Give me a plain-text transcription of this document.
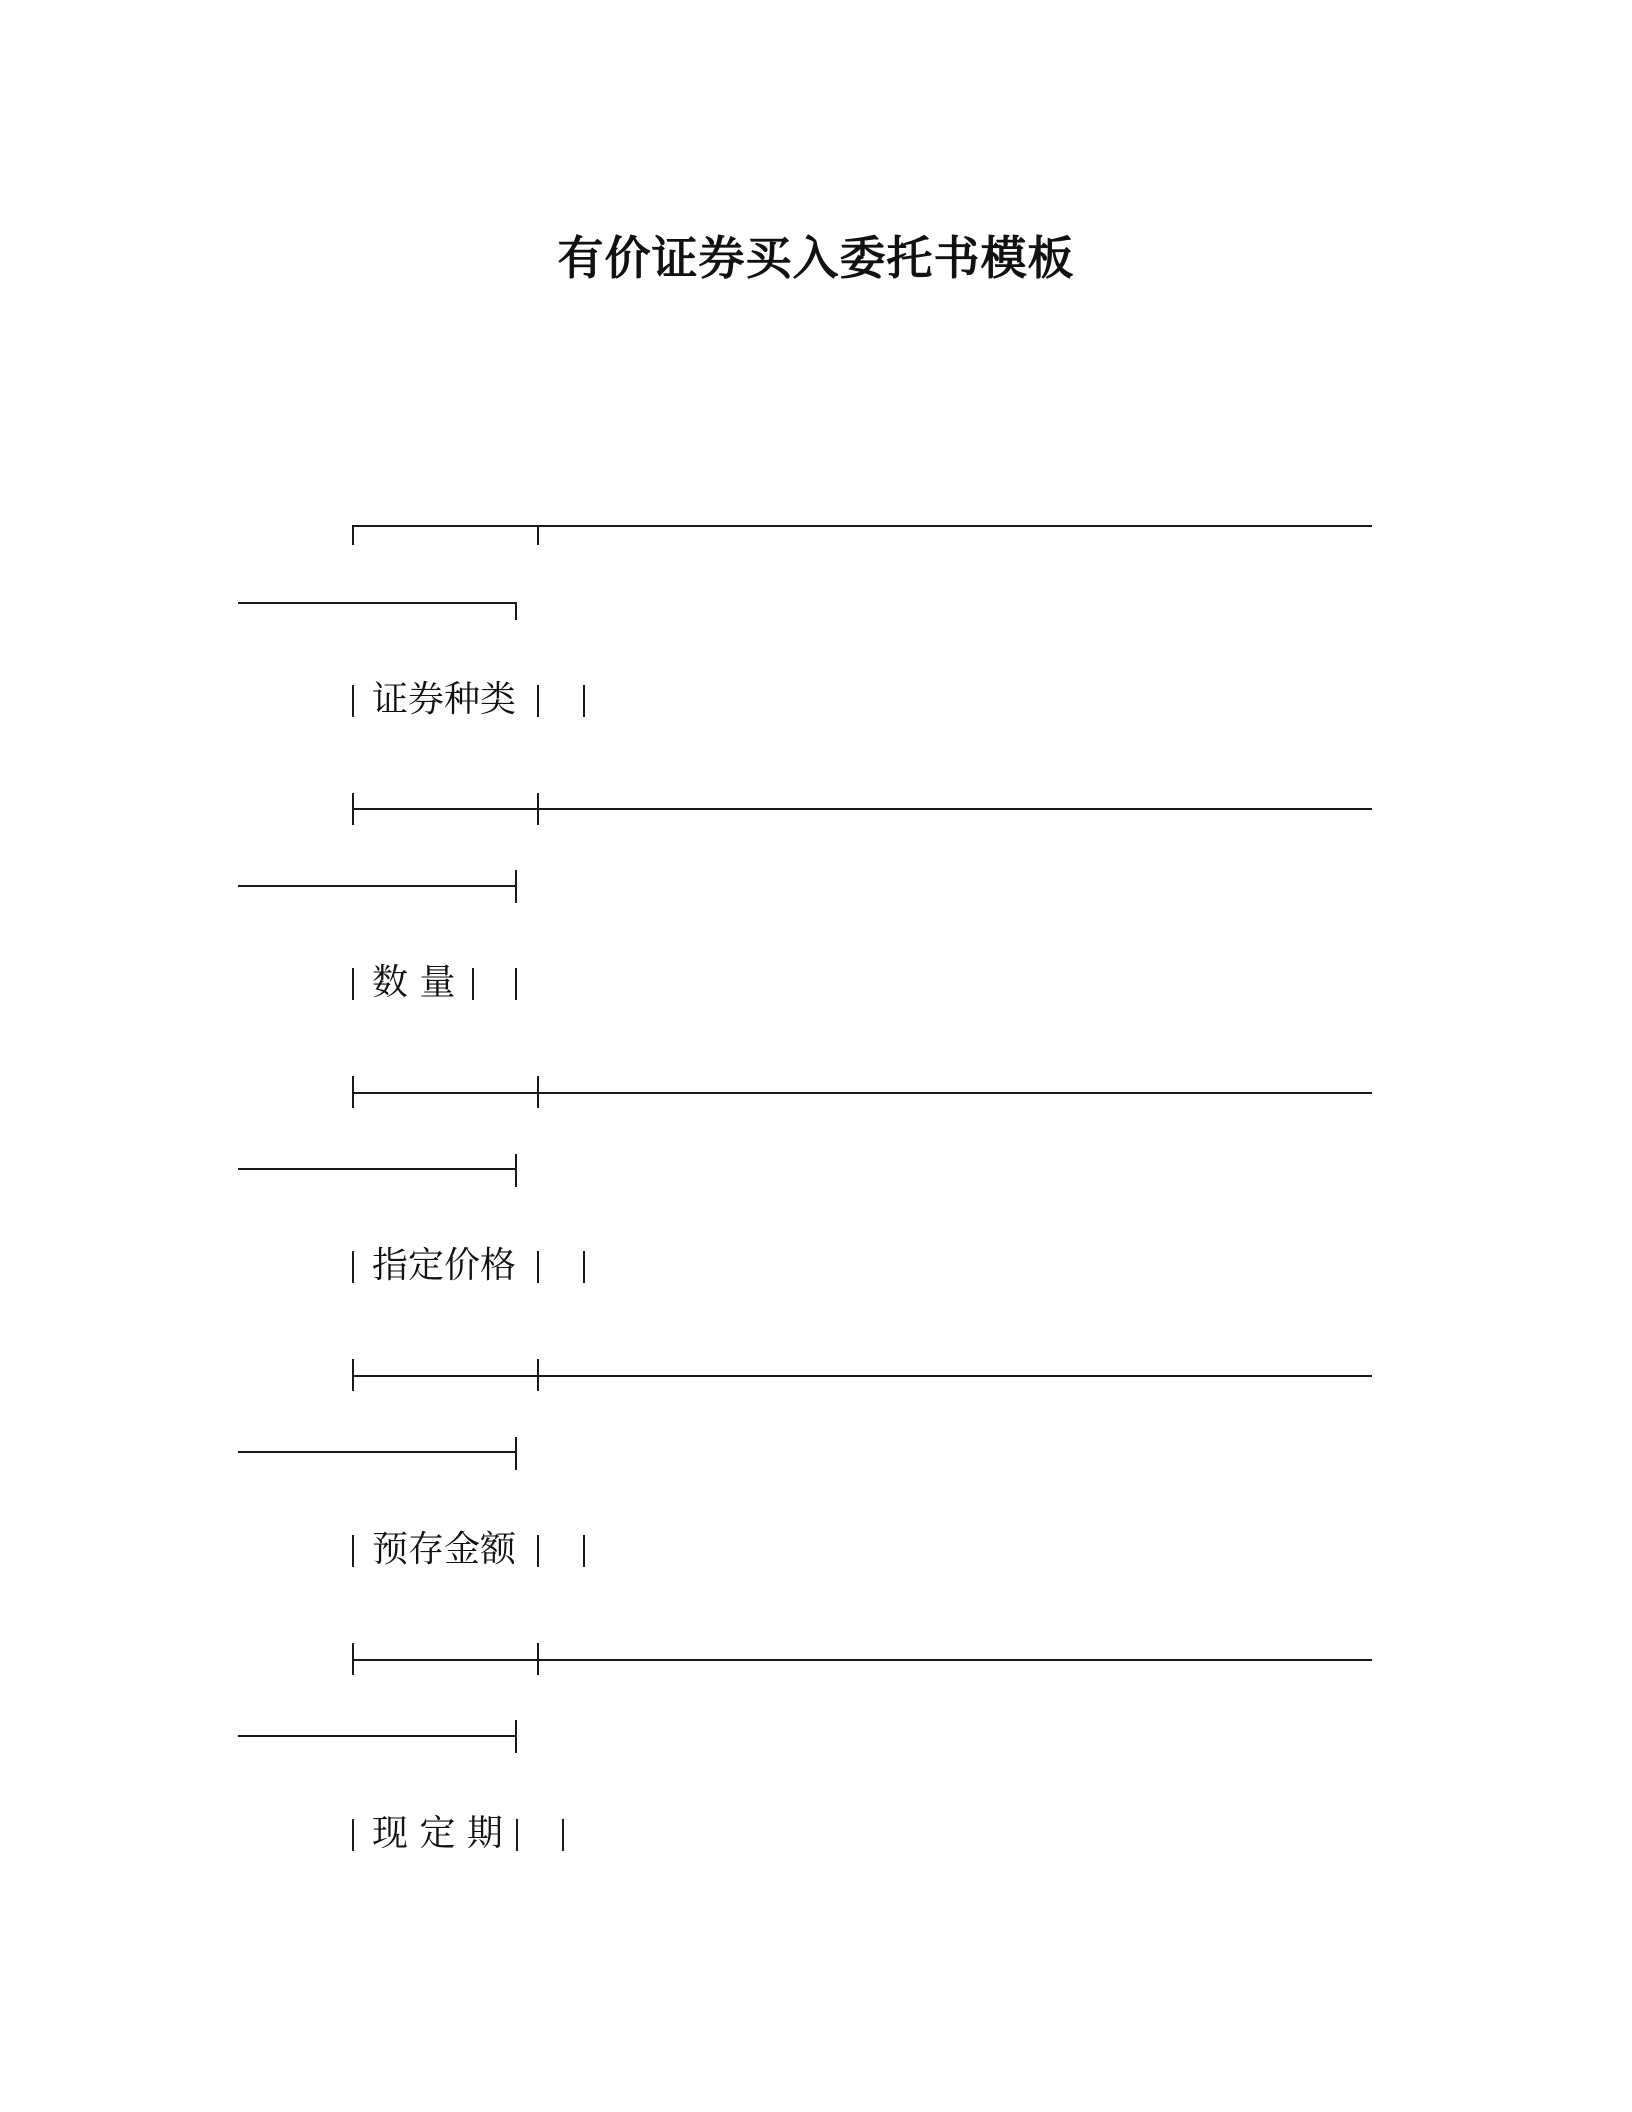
有价证券买入委托书模板
证券种类
数 量
指定价格
预存金额
现 定 期
